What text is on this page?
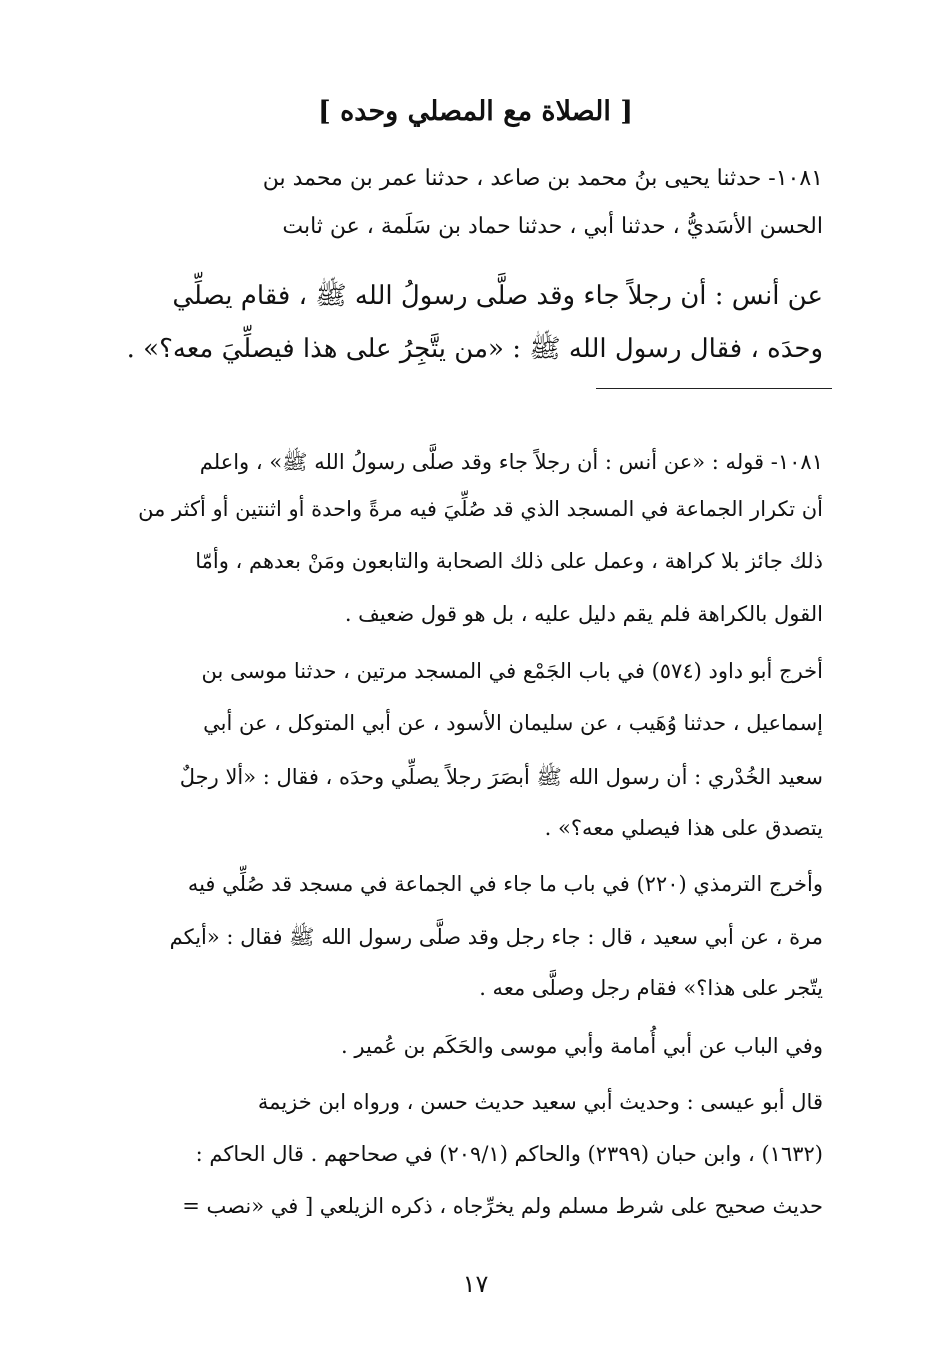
[ الصلاة مع المصلي وحده ]
١٠٨١- حدثنا يحيى بنُ محمد بن صاعد ، حدثنا عمر بن محمد بن
الحسن الأسَديُّ ، حدثنا أبي ، حدثنا حماد بن سَلَمة ، عن ثابت
عن أنس : أن رجلاً جاء وقد صلَّى رسولُ الله ﷺ ، فقام يصلِّي
وحدَه ، فقال رسول الله ﷺ : «من يتَّجِرُ على هذا فيصلِّيَ معه؟» .
١٠٨١- قوله : «عن أنس : أن رجلاً جاء وقد صلَّى رسولُ الله ﷺ» ، واعلم
أن تكرار الجماعة في المسجد الذي قد صُلِّيَ فيه مرةً واحدة أو اثنتين أو أكثر من
ذلك جائز بلا كراهة ، وعمل على ذلك الصحابة والتابعون ومَنْ بعدهم ، وأمّا
القول بالكراهة فلم يقم دليل عليه ، بل هو قول ضعيف .
أخرج أبو داود (٥٧٤) في باب الجَمْع في المسجد مرتين ، حدثنا موسى بن
إسماعيل ، حدثنا وُهَيب ، عن سليمان الأسود ، عن أبي المتوكل ، عن أبي
سعيد الخُدْري : أن رسول الله ﷺ أبصَرَ رجلاً يصلِّي وحدَه ، فقال : «ألا رجلٌ
يتصدق على هذا فيصلي معه؟» .
وأخرج الترمذي (٢٢٠) في باب ما جاء في الجماعة في مسجد قد صُلِّي فيه
مرة ، عن أبي سعيد ، قال : جاء رجل وقد صلَّى رسول الله ﷺ فقال : «أيكم
يتّجر على هذا؟» فقام رجل وصلَّى معه .
وفي الباب عن أبي أُمامة وأبي موسى والحَكَم بن عُمير .
قال أبو عيسى : وحديث أبي سعيد حديث حسن ، ورواه ابن خزيمة
(١٦٣٢) ، وابن حبان (٢٣٩٩) والحاكم (٢٠٩/١) في صحاحهم . قال الحاكم :
حديث صحيح على شرط مسلم ولم يخرِّجاه ، ذكره الزيلعي [ في «نصب =
١٧
